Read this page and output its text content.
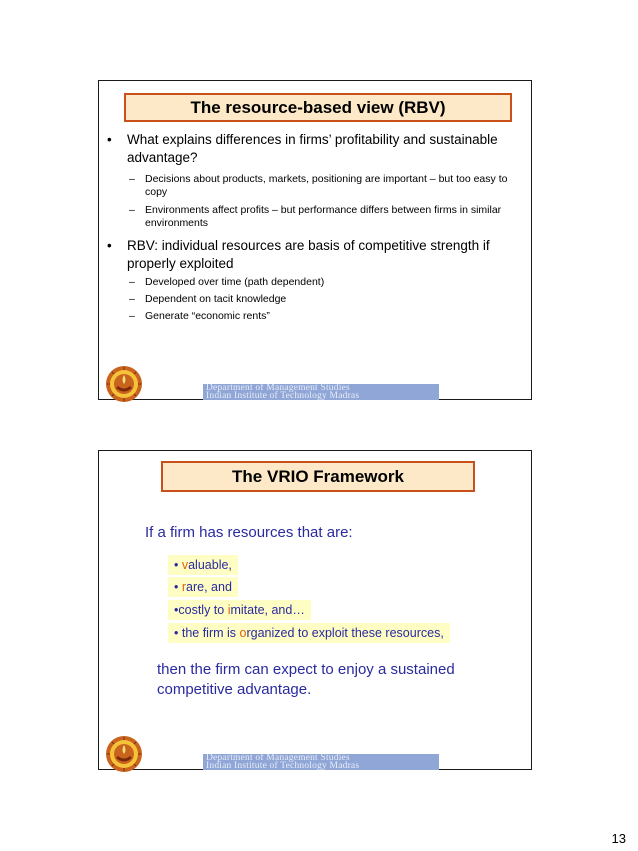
The resource-based view (RBV)
• What explains differences in firms’ profitability and sustainable advantage?
– Decisions about products, markets, positioning are important – but too easy to copy
– Environments affect profits – but performance differs between firms in similar environments
• RBV: individual resources are basis of competitive strength if properly exploited
– Developed over time (path dependent)
– Dependent on tacit knowledge
– Generate “economic rents”
Department of Management Studies
Indian Institute of Technology Madras
The VRIO Framework
If a firm has resources that are:
• valuable,
• rare, and
•costly to imitate, and…
• the firm is organized to exploit these resources,
then the firm can expect to enjoy a sustained competitive advantage.
Department of Management Studies
Indian Institute of Technology Madras
13
